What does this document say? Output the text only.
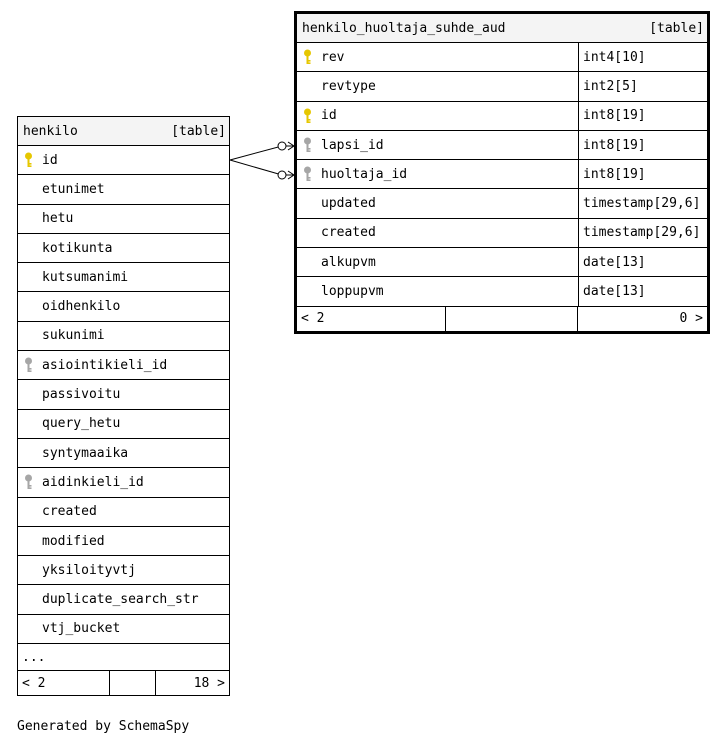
henkilo	[table]
id
etunimet
hetu
kotikunta
kutsumanimi
oidhenkilo
sukunimi
asiointikieli_id
passivoitu
query_hetu
syntymaaika
aidinkieli_id
created
modified
yksiloityvtj
duplicate_search_str
vtj_bucket
...
< 2	18 >
henkilo_huoltaja_suhde_aud	[table]
rev	int4[10]
revtype	int2[5]
id	int8[19]
lapsi_id	int8[19]
huoltaja_id	int8[19]
updated	timestamp[29,6]
created	timestamp[29,6]
alkupvm	date[13]
loppupvm	date[13]
< 2	0 >
Generated by SchemaSpy
